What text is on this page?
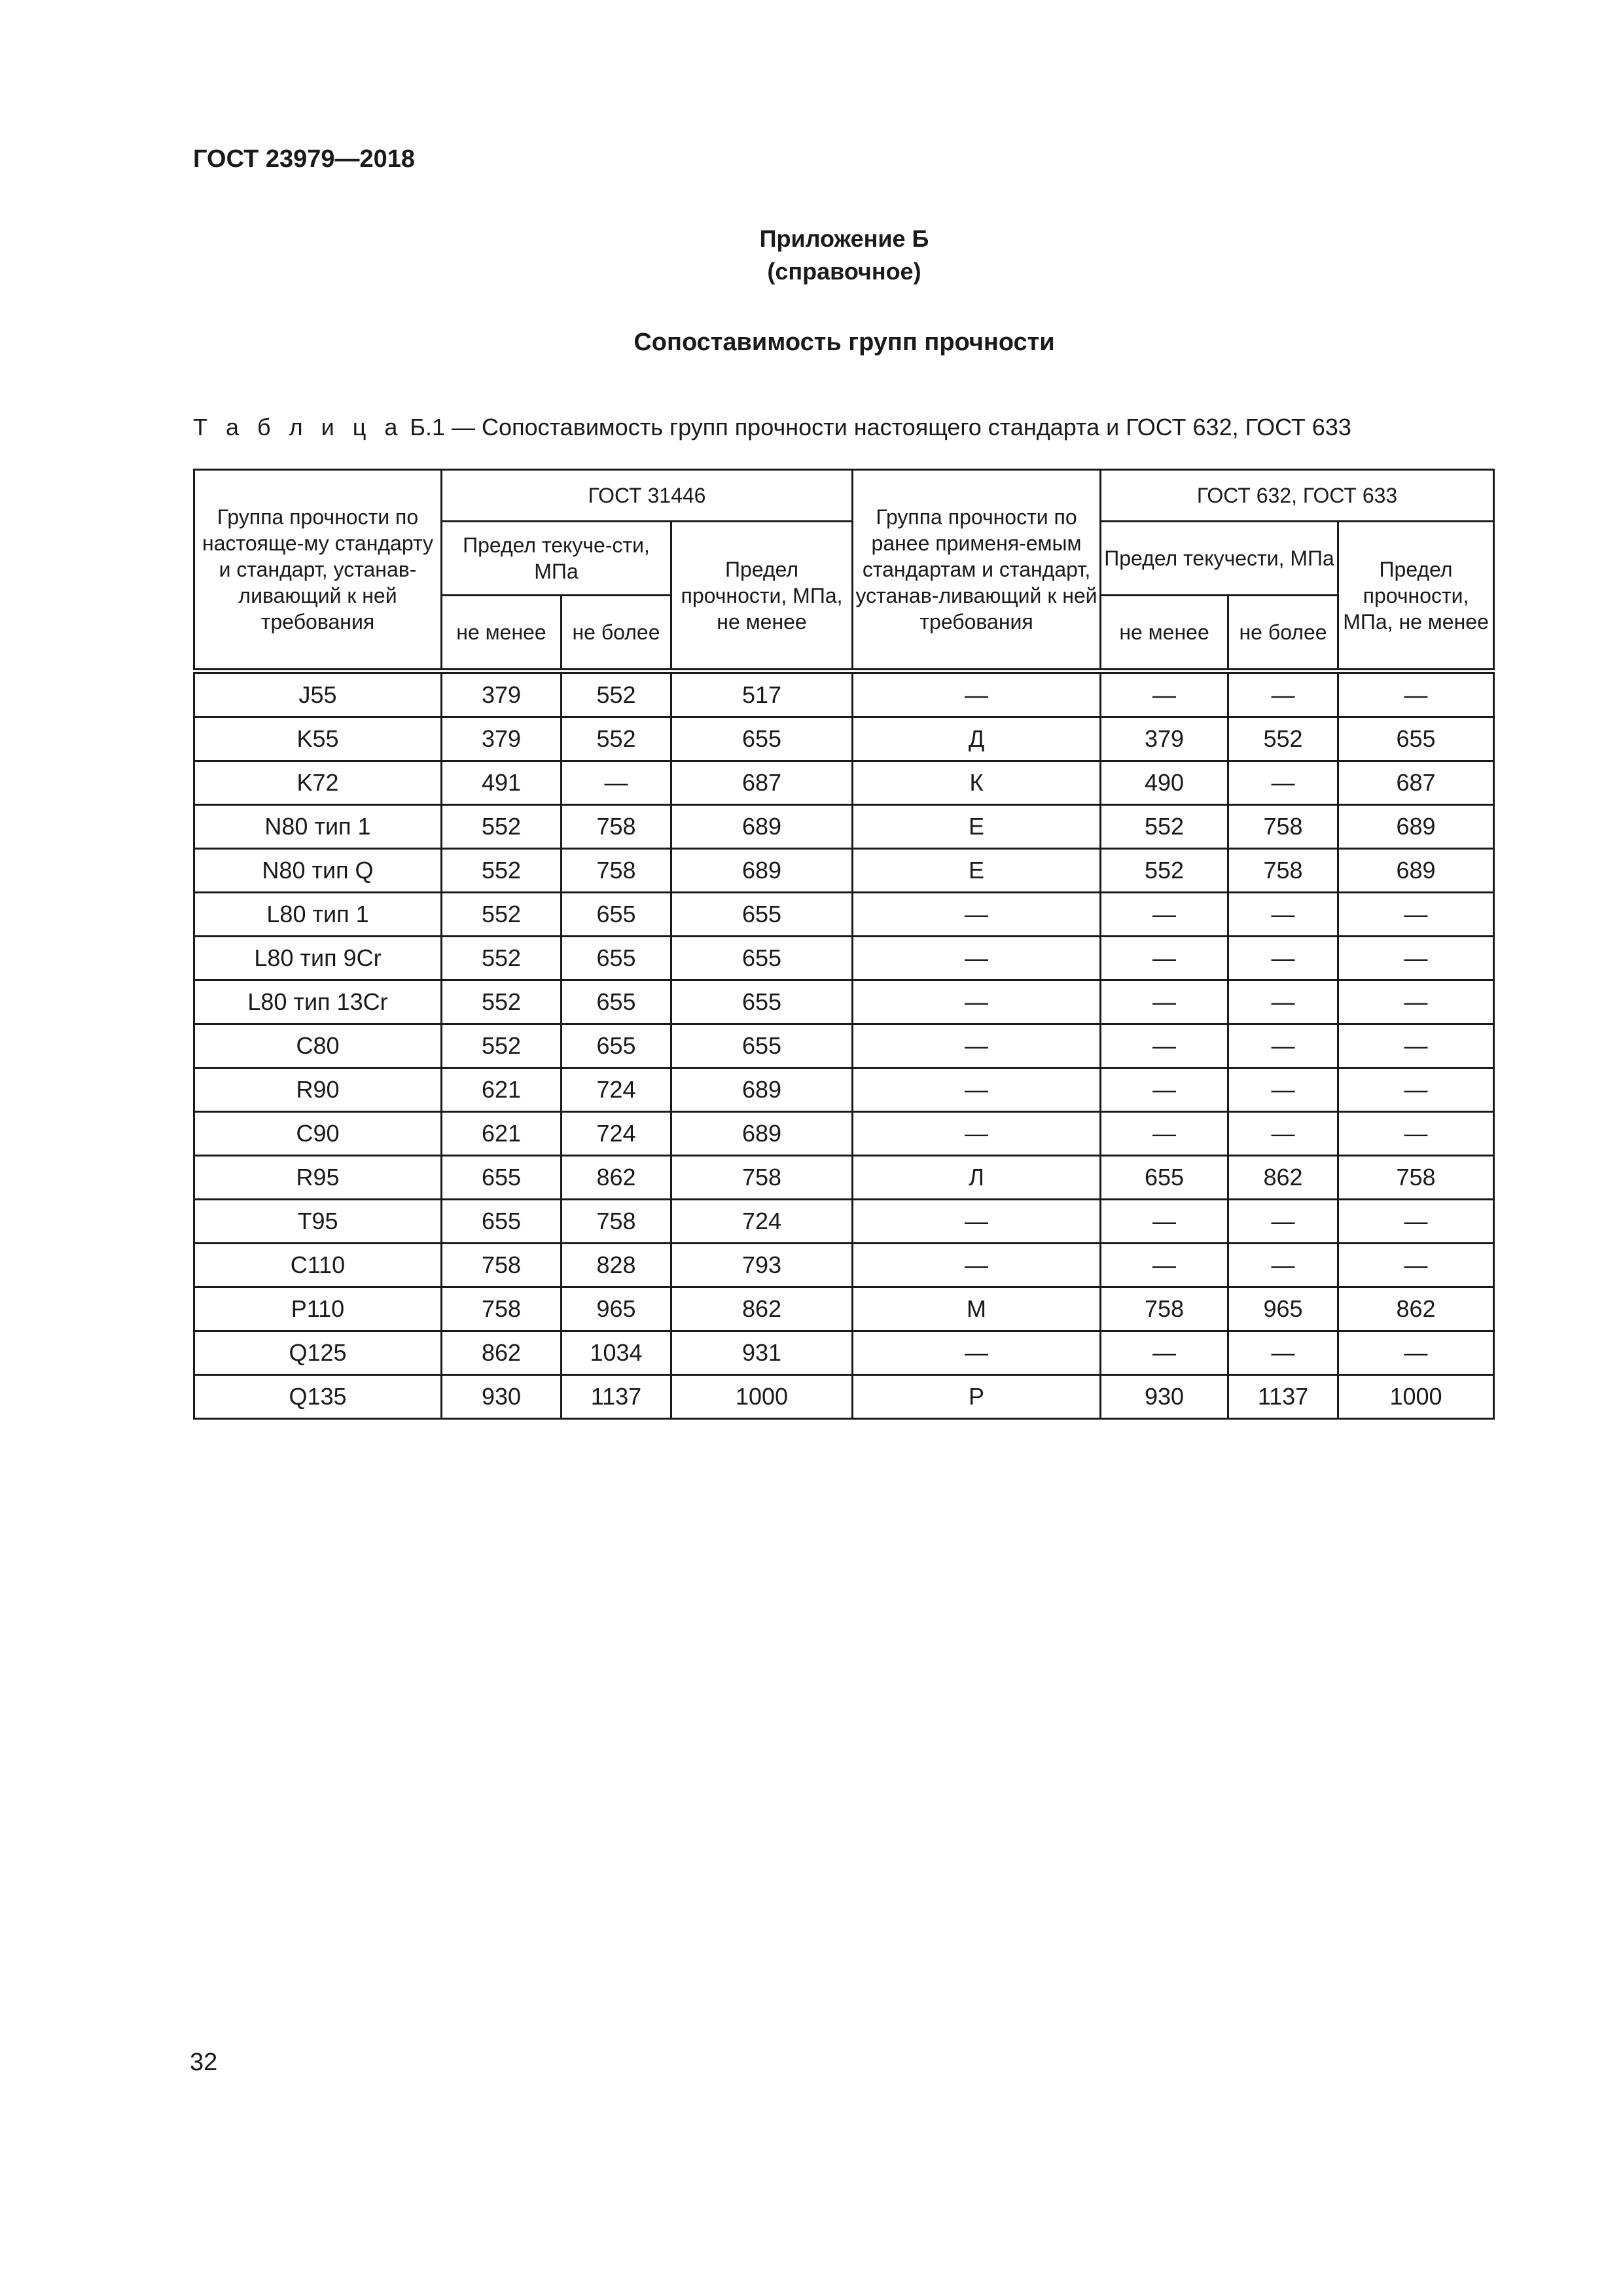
ГОСТ 23979—2018

Приложение Б
(справочное)

Сопоставимость групп прочности

Т а б л и ц а Б.1 — Сопоставимость групп прочности настоящего стандарта и ГОСТ 632, ГОСТ 633

Группа прочности по настояще-му стандарту и стандарт, устанав-ливающий к ней требования	ГОСТ 31446			Группа прочности по ранее применя-емым стандартам и стандарт, устанав-ливающий к ней требования	ГОСТ 632, ГОСТ 633		
	Предел текуче-сти, МПа		Предел прочности, МПа, не менее		Предел текучести, МПа		Предел прочности, МПа, не менее
	не менее	не более			не менее	не более	
J55	379	552	517	—	—	—	—
K55	379	552	655	Д	379	552	655
K72	491	—	687	К	490	—	687
N80 тип 1	552	758	689	Е	552	758	689
N80 тип Q	552	758	689	Е	552	758	689
L80 тип 1	552	655	655	—	—	—	—
L80 тип 9Cr	552	655	655	—	—	—	—
L80 тип 13Cr	552	655	655	—	—	—	—
C80	552	655	655	—	—	—	—
R90	621	724	689	—	—	—	—
C90	621	724	689	—	—	—	—
R95	655	862	758	Л	655	862	758
T95	655	758	724	—	—	—	—
C110	758	828	793	—	—	—	—
P110	758	965	862	М	758	965	862
Q125	862	1034	931	—	—	—	—
Q135	930	1137	1000	Р	930	1137	1000

32
